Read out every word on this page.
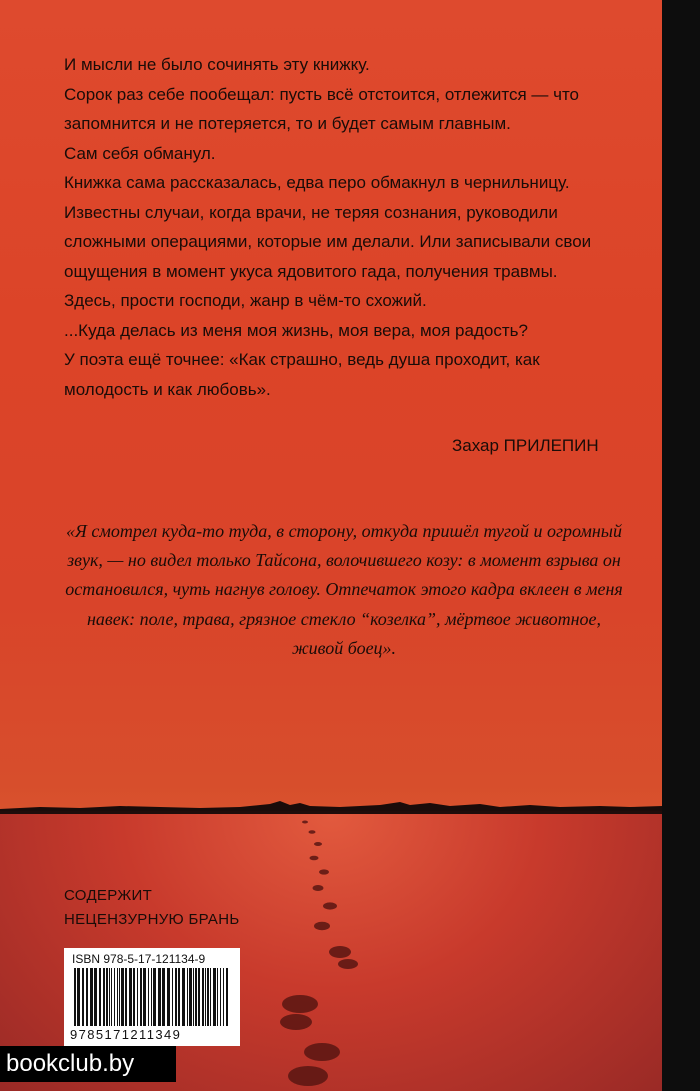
И мысли не было сочинять эту книжку.

Сорок раз себе пообещал: пусть всё отстоится, отлежится — что запомнится и не потеряется, то и будет самым главным.

Сам себя обманул.

Книжка сама рассказалась, едва перо обмакнул в чернильницу.

Известны случаи, когда врачи, не теряя сознания, руководили сложными операциями, которые им делали. Или записывали свои ощущения в момент укуса ядовитого гада, получения травмы.

Здесь, прости господи, жанр в чём-то схожий.

...Куда делась из меня моя жизнь, моя вера, моя радость?

У поэта ещё точнее: «Как страшно, ведь душа проходит, как молодость и как любовь».

Захар ПРИЛЕПИН
«Я смотрел куда-то туда, в сторону, откуда пришёл тугой и огромный звук, — но видел только Тайсона, волочившего козу: в момент взрыва он остановился, чуть нагнув голову. Отпечаток этого кадра вклеен в меня навек: поле, трава, грязное стекло “козелка”, мёртвое животное, живой боец».
СОДЕРЖИТ
НЕЦЕНЗУРНУЮ БРАНЬ
ISBN 978-5-17-121134-9
9785171211349
bookclub.by
